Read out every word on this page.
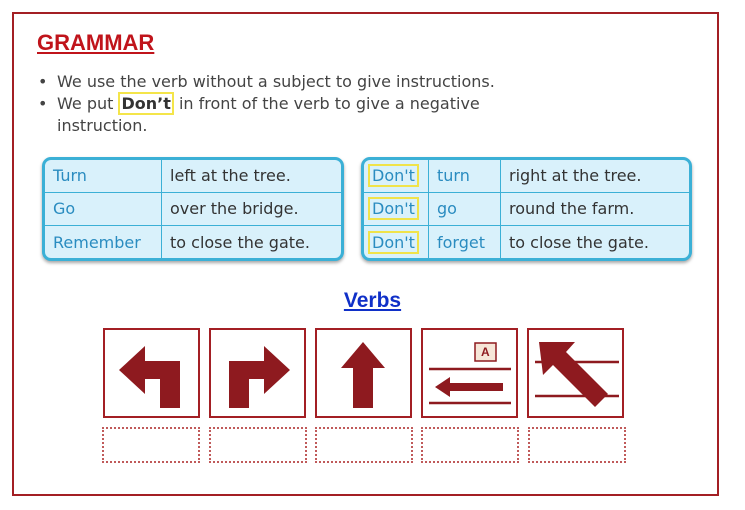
GRAMMAR
• We use the verb without a subject to give instructions.
• We put Don’t in front of the verb to give a negative instruction.
Turn	left at the tree.
Go	over the bridge.
Remember	to close the gate.
Don't	turn	right at the tree.
Don't	go	round the farm.
Don't	forget	to close the gate.
Verbs
A
